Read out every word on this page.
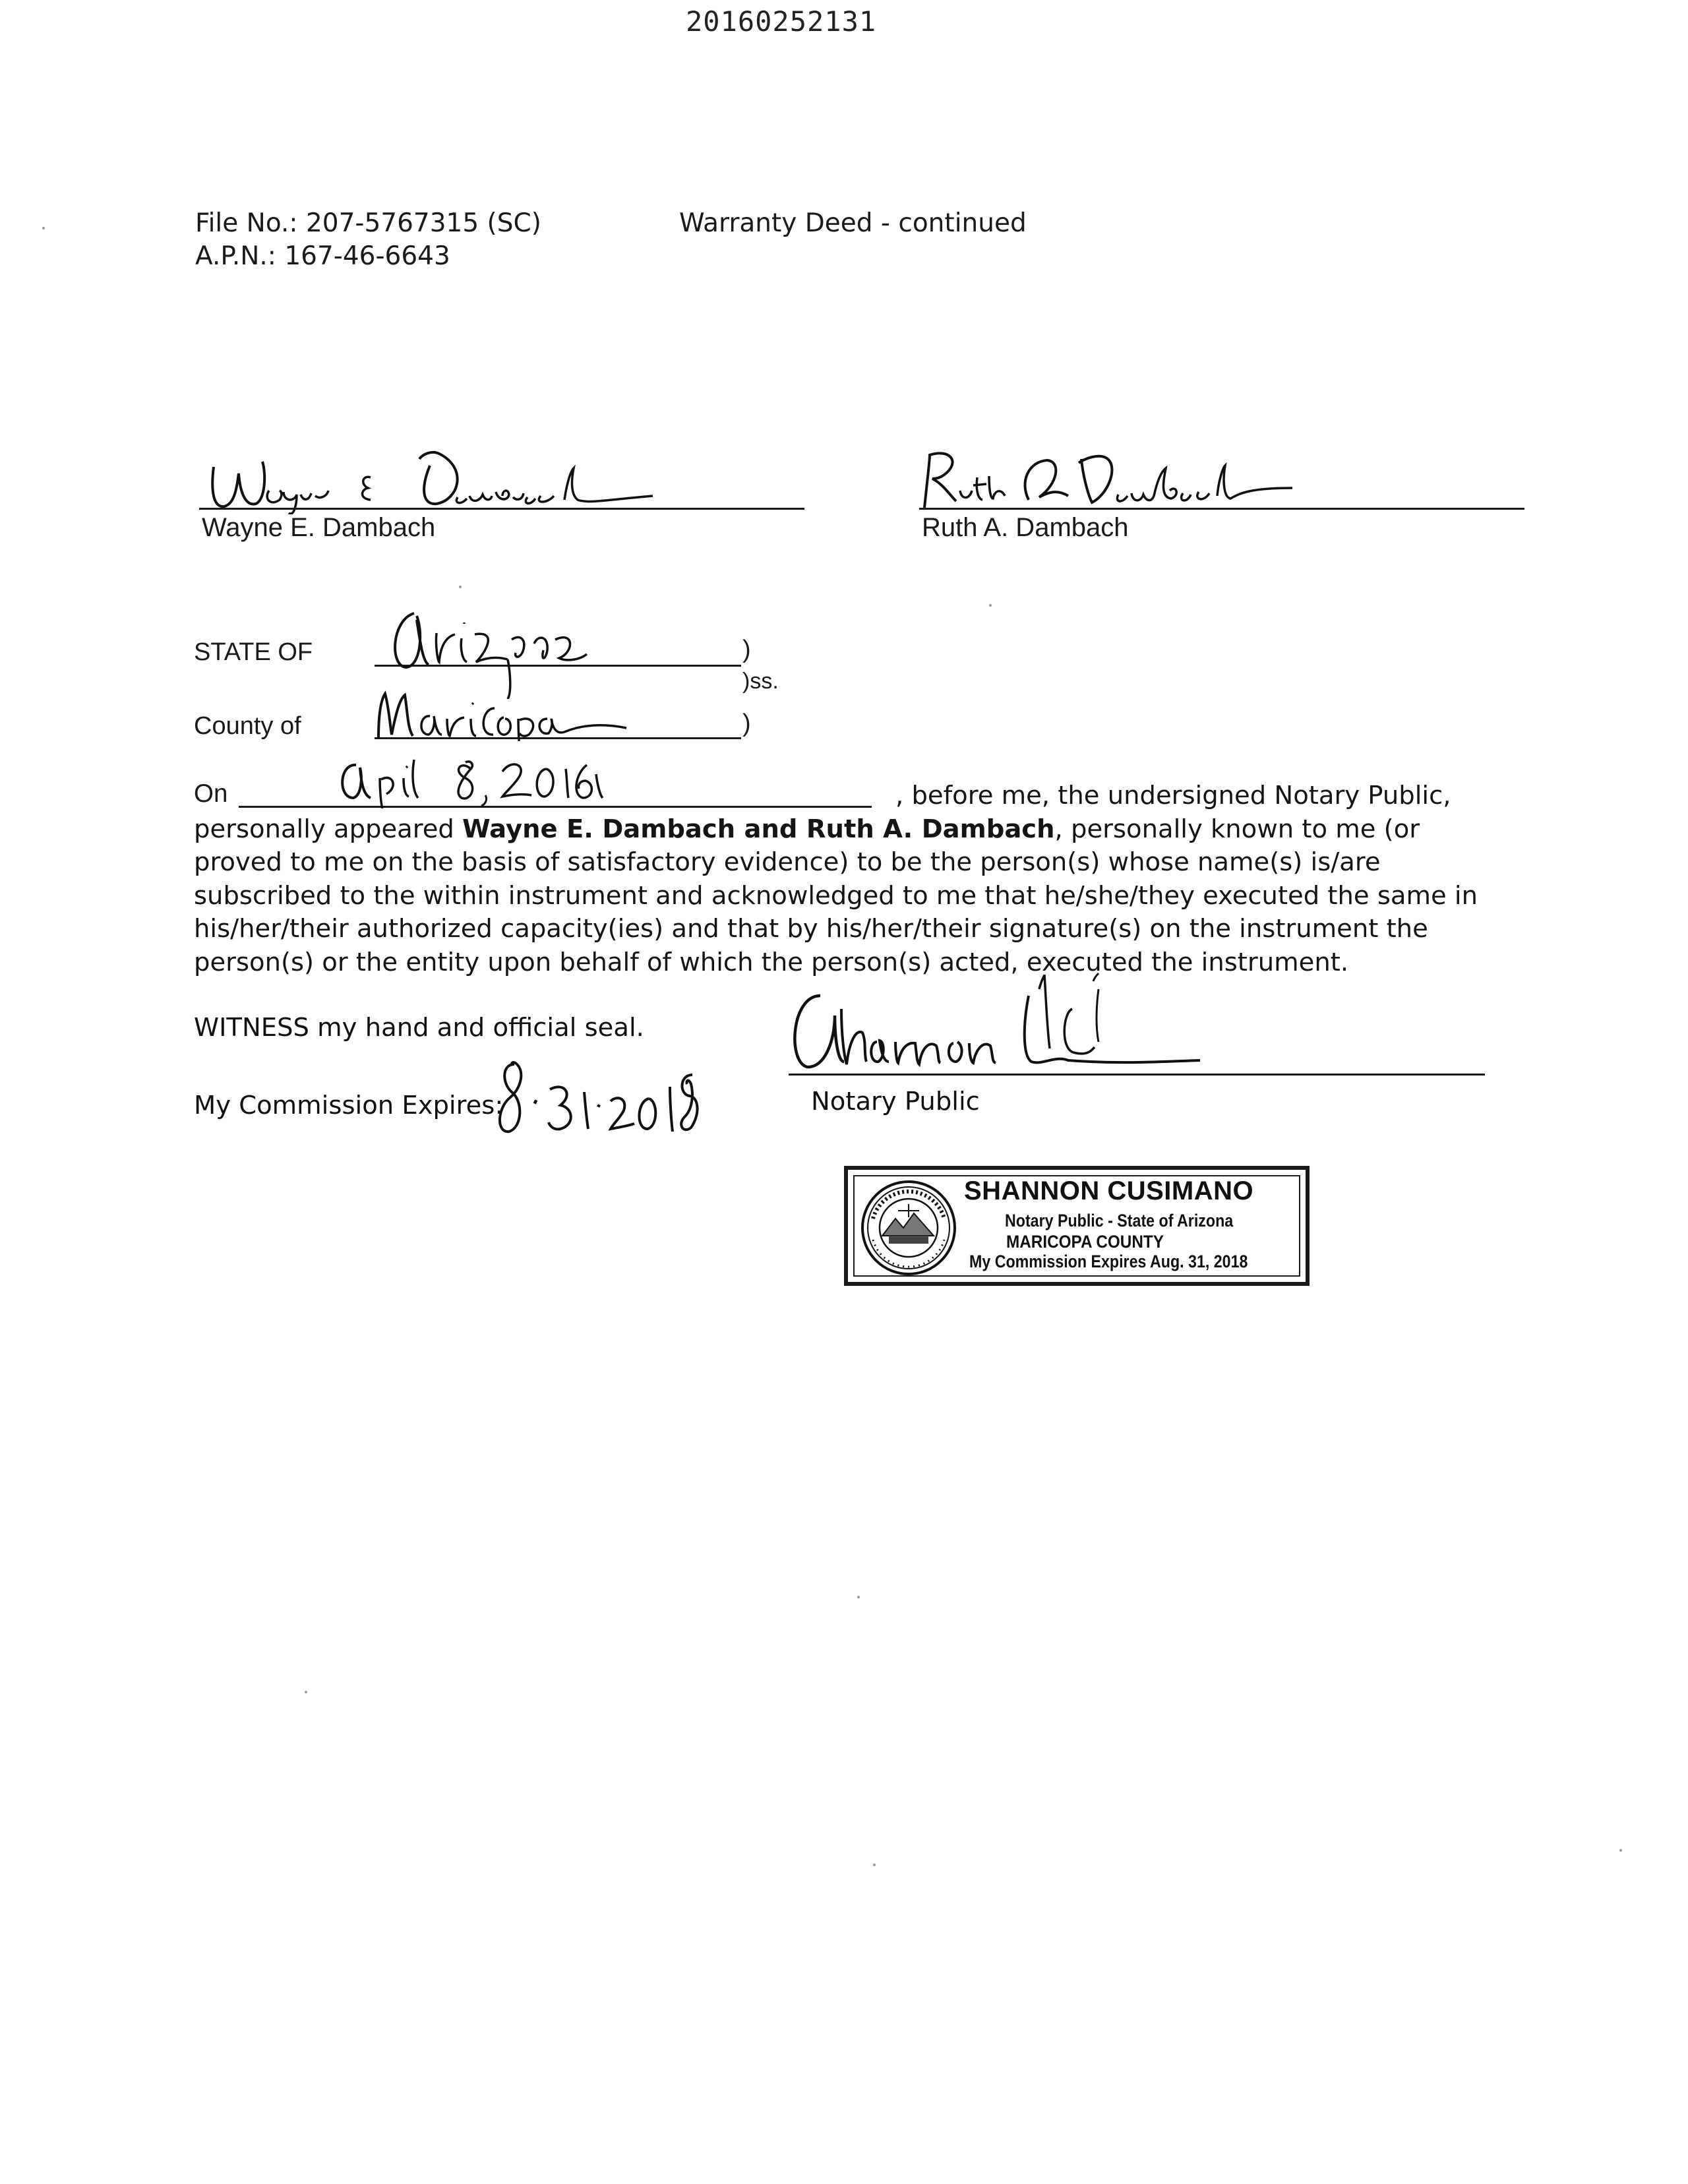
20160252131
File No.: 207-5767315 (SC)
A.P.N.: 167-46-6643
Warranty Deed - continued
Wayne E. Dambach	Ruth A. Dambach
STATE OF	)
)ss.
County of	)
On	, before me, the undersigned Notary Public,
personally appeared Wayne E. Dambach and Ruth A. Dambach, personally known to me (or proved to me on the basis of satisfactory evidence) to be the person(s) whose name(s) is/are subscribed to the within instrument and acknowledged to me that he/she/they executed the same in his/her/their authorized capacity(ies) and that by his/her/their signature(s) on the instrument the person(s) or the entity upon behalf of which the person(s) acted, executed the instrument.
WITNESS my hand and official seal.
Notary Public
My Commission Expires:
SHANNON CUSIMANO
Notary Public - State of Arizona
MARICOPA COUNTY
My Commission Expires Aug. 31, 2018
